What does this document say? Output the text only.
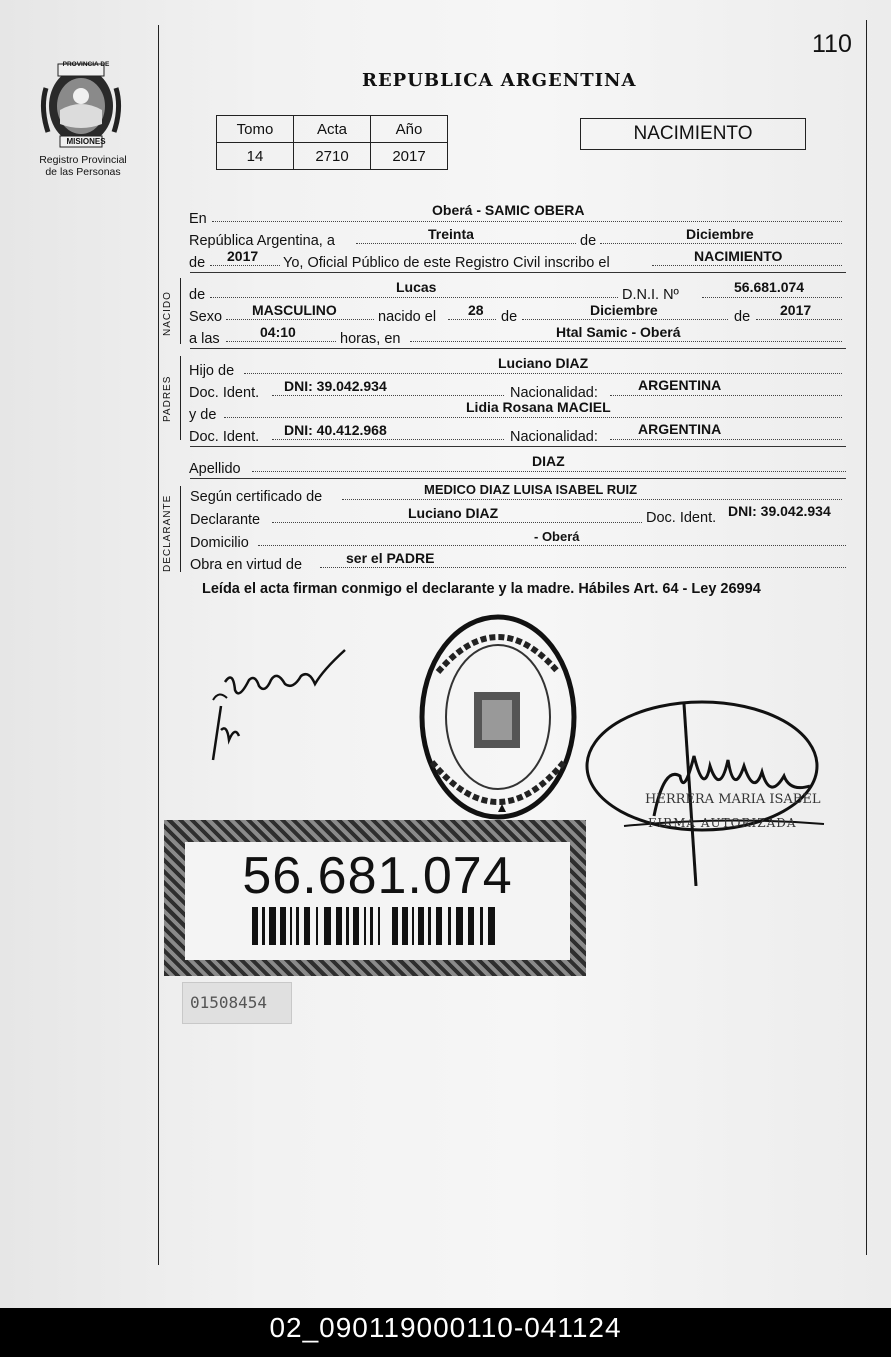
110
REPUBLICA ARGENTINA
PROVINCIA DE
MISIONES
Registro Provincial
de las Personas
Tomo	Acta	Año
14	2710	2017
NACIMIENTO
En
Oberá - SAMIC OBERA
República Argentina, a	Treinta	de	Diciembre
de 2017 Yo, Oficial Público de este Registro Civil inscribo el	NACIMIENTO
NACIDO de	Lucas	D.N.I. Nº	56.681.074
Sexo MASCULINO	nacido el 28 de	Diciembre	de 2017
a las	04:10	horas, en	Htal Samic - Oberá
PADRES
Hijo de	Luciano DIAZ
Doc. Ident. DNI: 39.042.934	Nacionalidad:	ARGENTINA
y de	Lidia Rosana MACIEL
Doc. Ident. DNI: 40.412.968	Nacionalidad:	ARGENTINA
Apellido	DIAZ
DECLARANTE Según certificado de	MEDICO DIAZ LUISA ISABEL RUIZ
Declarante	Luciano DIAZ	Doc. Ident. DNI: 39.042.934
Domicilio	- Oberá
Obra en virtud de	ser el PADRE
Leída el acta firman conmigo el declarante y la madre. Hábiles Art. 64 - Ley 26994
HERRERA MARIA ISABEL
FIRMA AUTORIZADA
56.681.074
01508454
02_090119000110-041124
